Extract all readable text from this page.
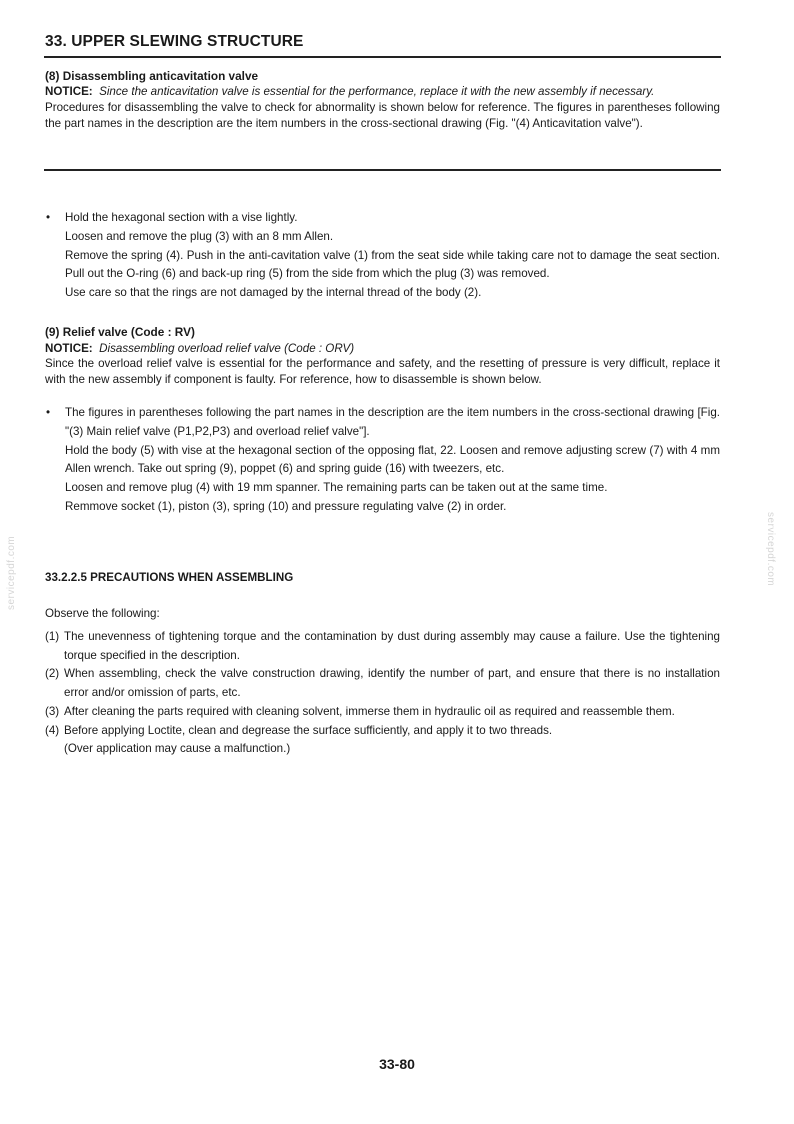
33. UPPER SLEWING STRUCTURE
(8) Disassembling anticavitation valve
NOTICE: Since the anticavitation valve is essential for the performance, replace it with the new assembly if necessary.
Procedures for disassembling the valve to check for abnormality is shown below for reference. The figures in parentheses following the part names in the description are the item numbers in the cross-sectional drawing (Fig. "(4) Anticavitation valve").
•	Hold the hexagonal section with a vise lightly.
Loosen and remove the plug (3) with an 8 mm Allen.
Remove the spring (4). Push in the anti-cavitation valve (1) from the seat side while taking care not to damage the seat section. Pull out the O-ring (6) and back-up ring (5) from the side from which the plug (3) was removed.
Use care so that the rings are not damaged by the internal thread of the body (2).
(9) Relief valve (Code : RV)
NOTICE: Disassembling overload relief valve (Code : ORV)
Since the overload relief valve is essential for the performance and safety, and the resetting of pressure is very difficult, replace it with the new assembly if component is faulty. For reference, how to disassemble is shown below.
•	The figures in parentheses following the part names in the description are the item numbers in the cross-sectional drawing [Fig. "(3) Main relief valve (P1,P2,P3) and overload relief valve"].
Hold the body (5) with vise at the hexagonal section of the opposing flat, 22. Loosen and remove adjusting screw (7) with 4 mm Allen wrench. Take out spring (9), poppet (6) and spring guide (16) with tweezers, etc.
Loosen and remove plug (4) with 19 mm spanner. The remaining parts can be taken out at the same time.
Remmove socket (1), piston (3), spring (10) and pressure regulating valve (2) in order.
33.2.2.5 PRECAUTIONS WHEN ASSEMBLING
Observe the following:
(1) The unevenness of tightening torque and the contamination by dust during assembly may cause a failure. Use the tightening torque specified in the description.
(2) When assembling, check the valve construction drawing, identify the number of part, and ensure that there is no installation error and/or omission of parts, etc.
(3) After cleaning the parts required with cleaning solvent, immerse them in hydraulic oil as required and reassemble them.
(4) Before applying Loctite, clean and degrease the surface sufficiently, and apply it to two threads.
(Over application may cause a malfunction.)
servicepdf.com	servicepdf.com
33-80
